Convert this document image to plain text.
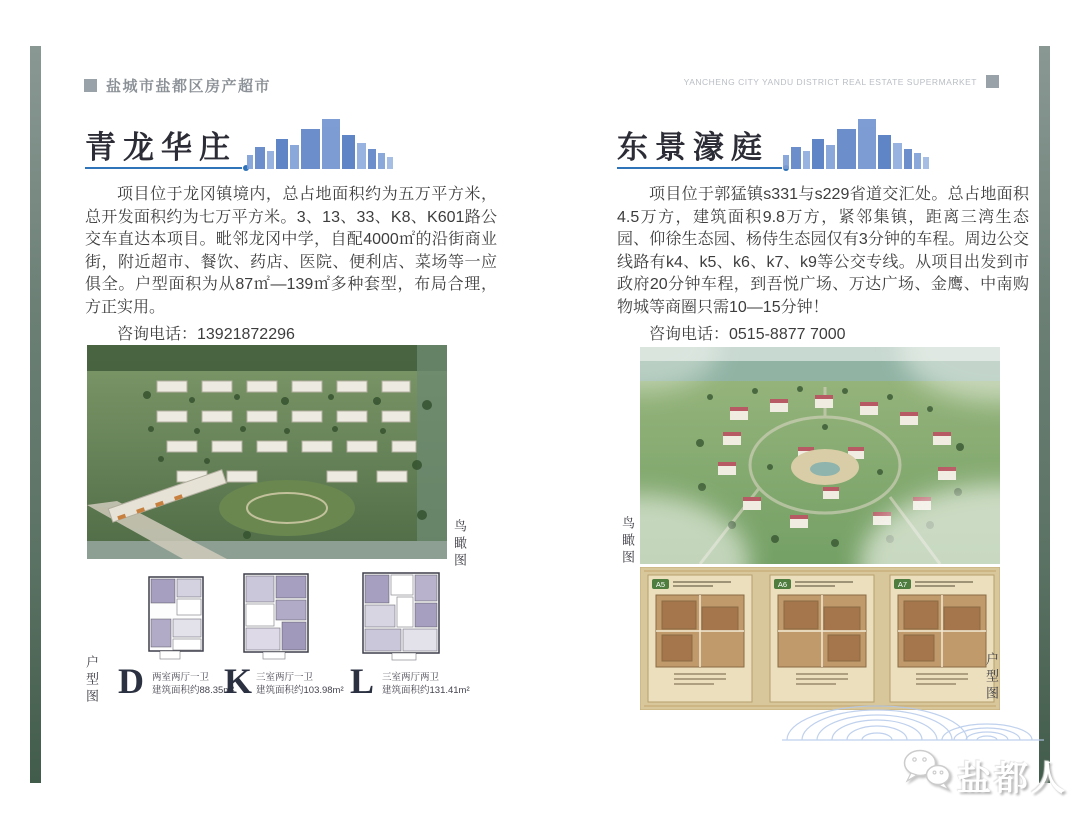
盐城市盐都区房产超市	YANCHENG CITY YANDU DISTRICT REAL ESTATE SUPERMARKET
青龙华庄

项目位于龙冈镇境内，总占地面积约为五万平方米，总开发面积约为七万平方米。3、13、33、K8、K601路公交车直达本项目。毗邻龙冈中学，自配4000㎡的沿街商业街，附近超市、餐饮、药店、医院、便利店、菜场等一应俱全。户型面积为从87㎡—139㎡多种套型，布局合理，方正实用。

咨询电话：13921872296

鸟瞰图
户型图 D 两室两厅一卫
建筑面积约88.35m²
K 三室两厅一卫
建筑面积约103.98m² L 三室两厅两卫
建筑面积约131.41m²
东景濠庭

项目位于郭猛镇s331与s229省道交汇处。总占地面积4.5万方，建筑面积9.8万方，紧邻集镇，距离三湾生态园、仰徐生态园、杨侍生态园仅有3分钟的车程。周边公交线路有k4、k5、k6、k7、k9等公交专线。从项目出发到市政府20分钟车程，到吾悦广场、万达广场、金鹰、中南购物城等商圈只需10—15分钟！

咨询电话：0515-8877 7000

鸟瞰图
A5	A6	A7
户型图
盐都人
